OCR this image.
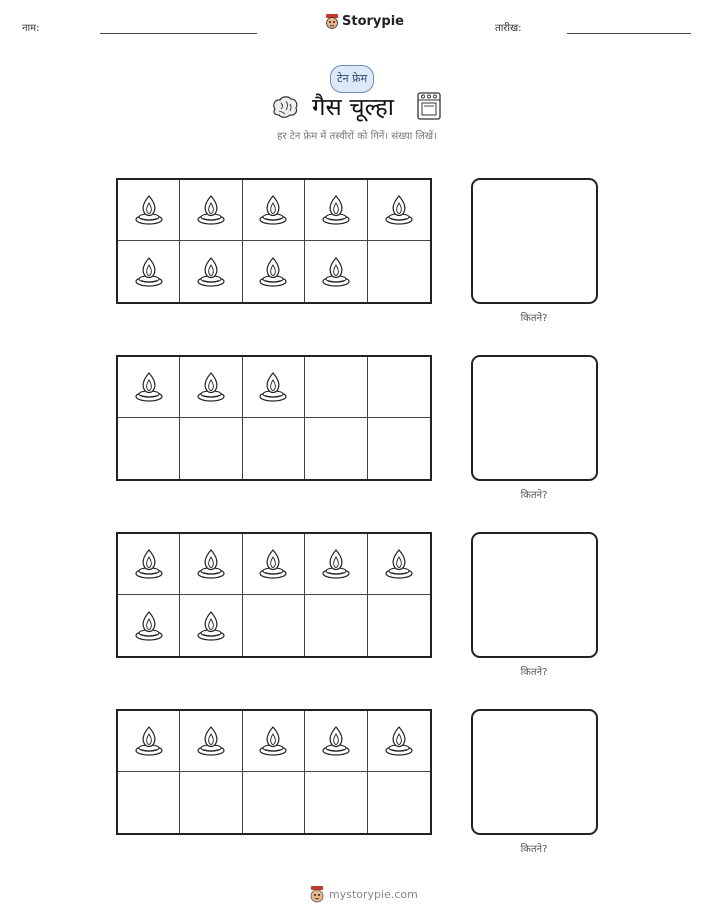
नाम:	Storypie	तारीख:
टेन फ्रेम
गैस चूल्हा
हर टेन फ्रेम में तस्वीरों को गिनें। संख्या लिखें।
कितने?
कितने?
कितने?
कितने?
mystorypie.com
